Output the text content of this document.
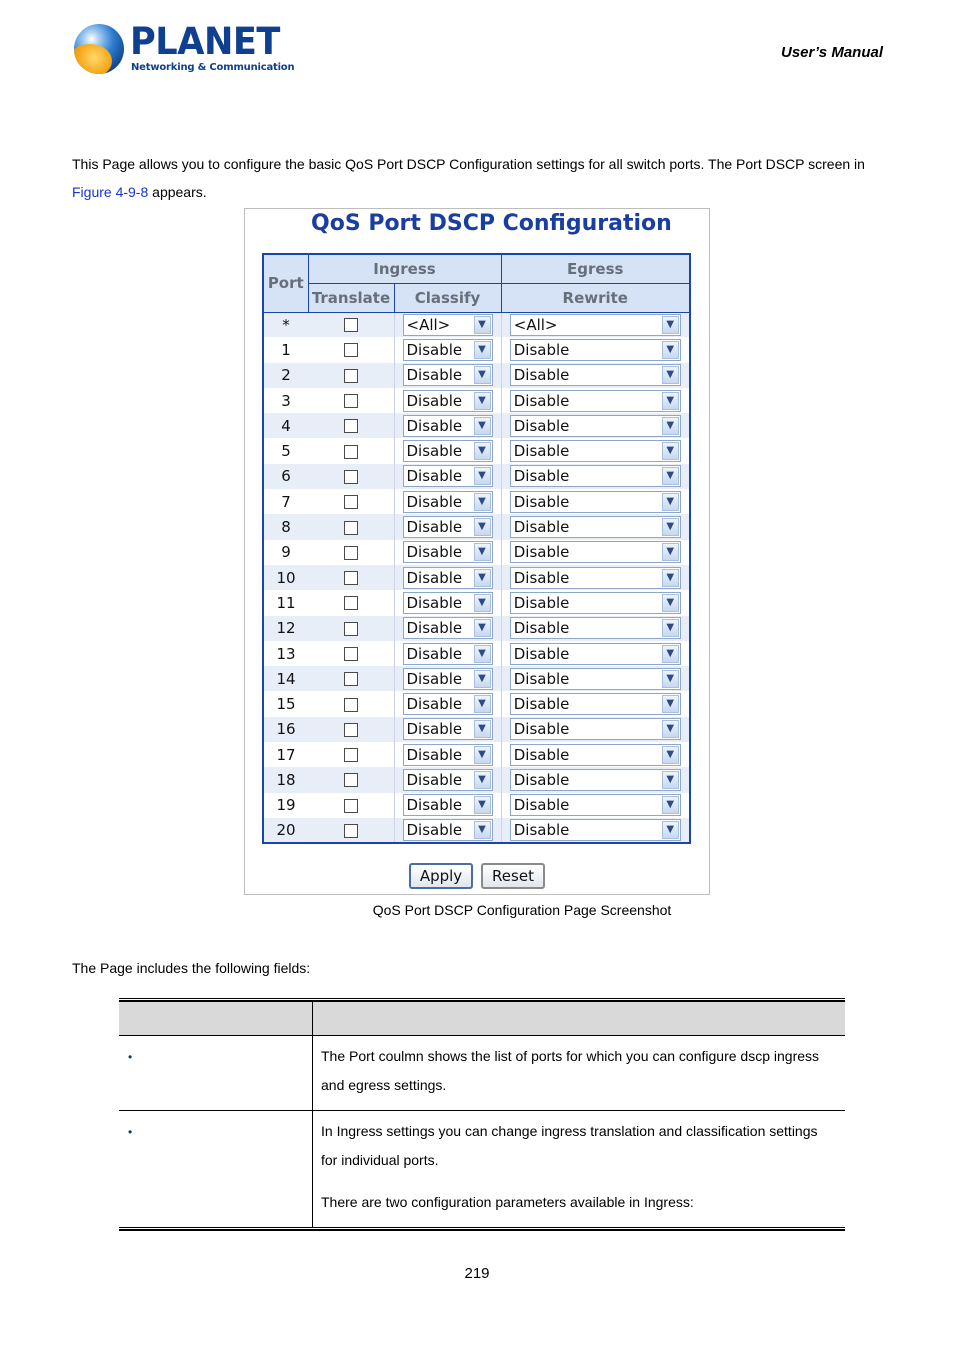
PLANET
Networking & Communication
User’s Manual
This Page allows you to configure the basic QoS Port DSCP Configuration settings for all switch ports. The Port DSCP screen in
Figure 4-9-8 appears.
QoS Port DSCP Configuration
Port	Ingress		Egress
	Translate	Classify	Rewrite
*		<All> ▼	<All> ▼

1		Disable ▼	Disable ▼

2		Disable ▼	Disable ▼

3		Disable ▼	Disable ▼

4		Disable ▼	Disable ▼

5		Disable ▼	Disable ▼

6		Disable ▼	Disable ▼

7		Disable ▼	Disable ▼

8		Disable ▼	Disable ▼

9		Disable ▼	Disable ▼

10		Disable ▼	Disable ▼

11		Disable ▼	Disable ▼

12		Disable ▼	Disable ▼

13		Disable ▼	Disable ▼

14		Disable ▼	Disable ▼

15		Disable ▼	Disable ▼

16		Disable ▼	Disable ▼

17		Disable ▼	Disable ▼

18		Disable ▼	Disable ▼

19		Disable ▼	Disable ▼

20		Disable ▼	Disable ▼
Apply	Reset
QoS Port DSCP Configuration Page Screenshot
The Page includes the following fields:
•	The Port coulmn shows the list of ports for which you can configure dscp ingress and egress settings.

•	In Ingress settings you can change ingress translation and classification settings for individual ports.

There are two configuration parameters available in Ingress:

219
